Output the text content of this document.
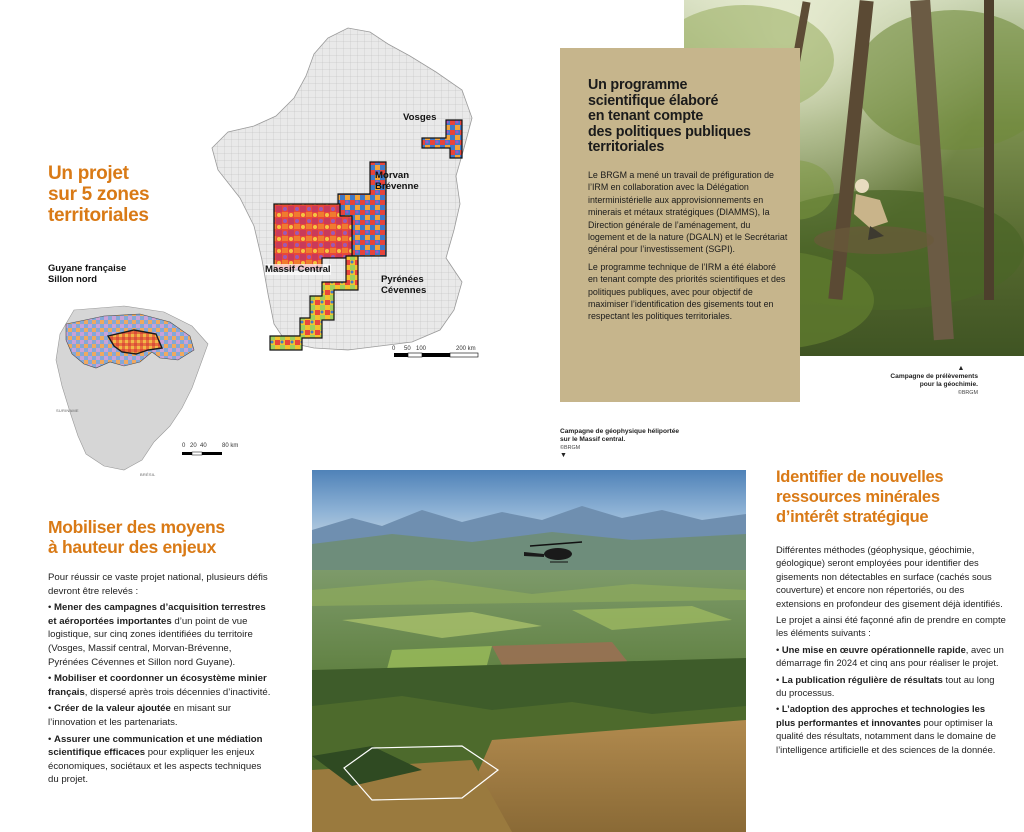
Vosges
Morvan
Brévenne
Massif Central
Pyrénées
Cévennes
0 50 100	200 km
Un projet
sur 5 zones
territoriales
Guyane française
Sillon nord
SURINAME
BRÉSIL
0 20 40	80 km
Mobiliser des moyens
à hauteur des enjeux

Pour réussir ce vaste projet national, plusieurs défis devront être relevés :

• Mener des campagnes d’acquisition terrestres et aéroportées importantes d’un point de vue logistique, sur cinq zones identifiées du territoire (Vosges, Massif central, Morvan-Brévenne, Pyrénées Cévennes et Sillon nord Guyane).

• Mobiliser et coordonner un écosystème minier français, dispersé après trois décennies d’inactivité.

• Créer de la valeur ajoutée en misant sur l’innovation et les partenariats.

• Assurer une communication et une médiation scientifique efficaces pour expliquer les enjeux économiques, sociétaux et les aspects techniques du projet.

▲
Campagne de prélèvements
pour la géochimie.
©BRGM
Un programme
scientifique élaboré
en tenant compte
des politiques publiques
territoriales

Le BRGM a mené un travail de préfiguration de l’IRM en collaboration avec la Délégation interministérielle aux approvisionnements en minerais et métaux stratégiques (DIAMMS), la Direction générale de l’aménagement, du logement et de la nature (DGALN) et le Secrétariat général pour l’investissement (SGPI).

Le programme technique de l’IRM a été élaboré en tenant compte des priorités scientifiques et des politiques publiques, avec pour objectif de maximiser l’identification des gisements tout en respectant les politiques territoriales.

Campagne de géophysique héliportée
sur le Massif central.
©BRGM
▼
Identifier de nouvelles
ressources minérales
d’intérêt stratégique

Différentes méthodes (géophysique, géochimie, géologique) seront employées pour identifier des gisements non détectables en surface (cachés sous couverture) et encore non répertoriés, ou des extensions en profondeur des gisement déjà identifiés.

Le projet a ainsi été façonné afin de prendre en compte les éléments suivants :

• Une mise en œuvre opérationnelle rapide, avec un démarrage fin 2024 et cinq ans pour réaliser le projet.

• La publication régulière de résultats tout au long du processus.

• L’adoption des approches et technologies les plus performantes et innovantes pour optimiser la qualité des résultats, notamment dans le domaine de l’intelligence artificielle et des sciences de la donnée.
